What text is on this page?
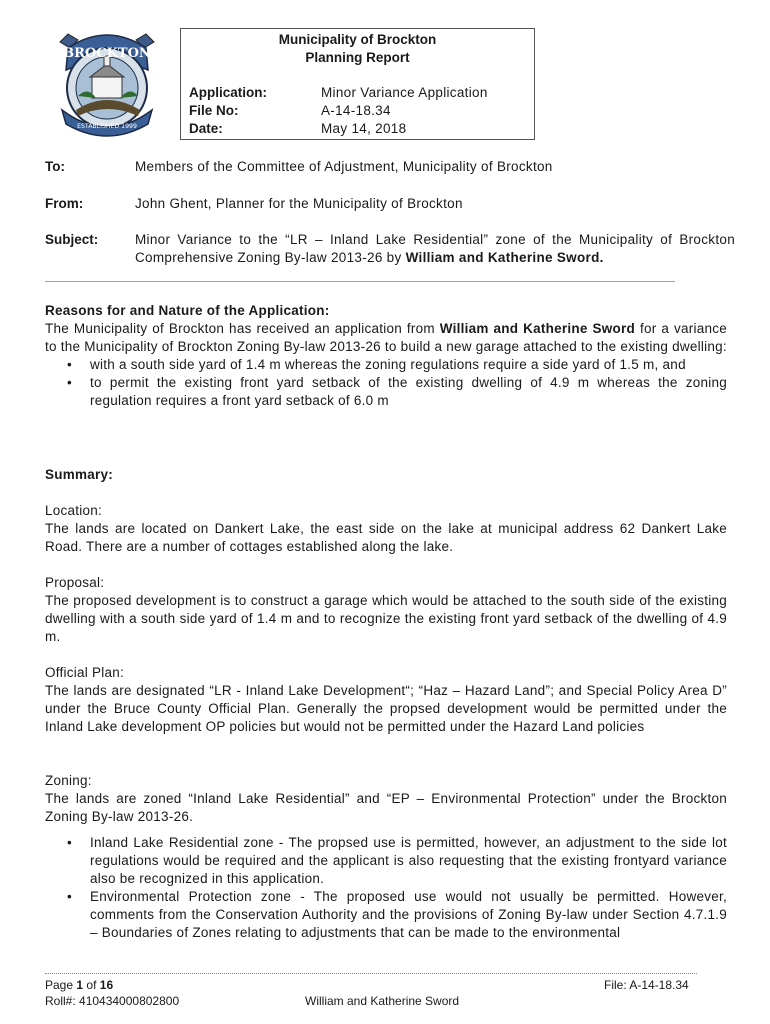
BROCKTON
ESTABLISHED 1999
Municipality of Brockton
Planning Report
Application:	Minor Variance Application
File No:	A-14-18.34
Date:	May 14, 2018
To:	Members of the Committee of Adjustment, Municipality of Brockton
From:	John Ghent, Planner for the Municipality of Brockton
Subject:	Minor Variance to the “LR – Inland Lake Residential” zone of the Municipality of Brockton Comprehensive Zoning By-law 2013-26 by William and Katherine Sword.
Reasons for and Nature of the Application:
The Municipality of Brockton has received an application from William and Katherine Sword for a variance to the Municipality of Brockton Zoning By-law 2013-26 to build a new garage attached to the existing dwelling:
• with a south side yard of 1.4 m whereas the zoning regulations require a side yard of 1.5 m, and
• to permit the existing front yard setback of the existing dwelling of 4.9 m whereas the zoning regulation requires a front yard setback of 6.0 m
Summary:
Location:
The lands are located on Dankert Lake, the east side on the lake at municipal address 62 Dankert Lake Road. There are a number of cottages established along the lake.
Proposal:
The proposed development is to construct a garage which would be attached to the south side of the existing dwelling with a south side yard of 1.4 m and to recognize the existing front yard setback of the dwelling of 4.9 m.
Official Plan:
The lands are designated “LR - Inland Lake Development“; “Haz – Hazard Land”; and Special Policy Area D” under the Bruce County Official Plan. Generally the propsed development would be permitted under the Inland Lake development OP policies but would not be permitted under the Hazard Land policies
Zoning:
The lands are zoned “Inland Lake Residential” and “EP – Environmental Protection” under the Brockton Zoning By-law 2013-26.
• Inland Lake Residential zone - The propsed use is permitted, however, an adjustment to the side lot regulations would be required and the applicant is also requesting that the existing frontyard variance also be recognized in this application.
• Environmental Protection zone - The proposed use would not usually be permitted. However, comments from the Conservation Authority and the provisions of Zoning By-law under Section 4.7.1.9 – Boundaries of Zones relating to adjustments that can be made to the environmental
Page 1 of 16
Roll#: 410434000802800	William and Katherine Sword
File: A-14-18.34
